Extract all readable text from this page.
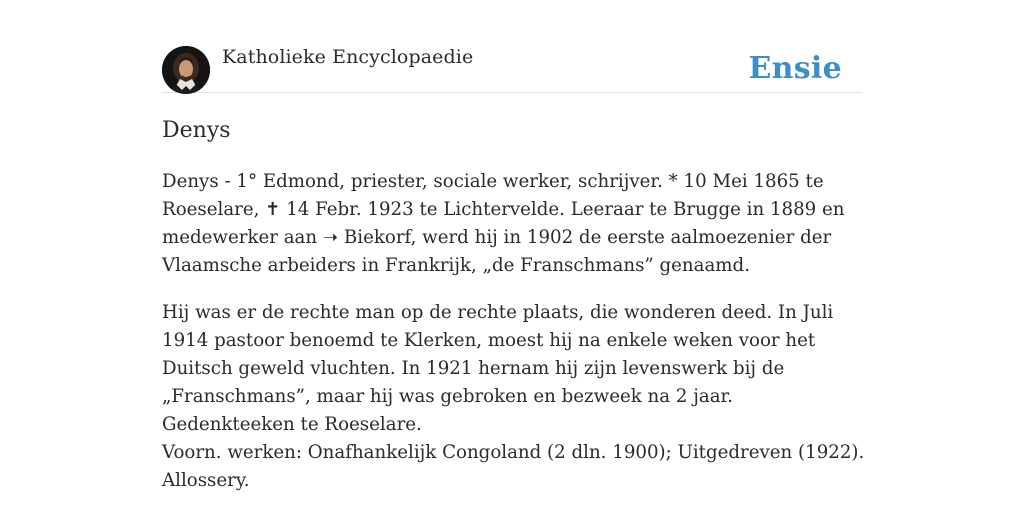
Katholieke Encyclopaedie	Ensie
Denys

Denys - 1° Edmond, priester, sociale werker, schrijver. * 10 Mei 1865 te Roeselare, ✝ 14 Febr. 1923 te Lichtervelde. Leeraar te Brugge in 1889 en medewerker aan ➝ Biekorf, werd hij in 1902 de eerste aalmoezenier der Vlaamsche arbeiders in Frankrijk, „de Franschmans” genaamd.

Hij was er de rechte man op de rechte plaats, die wonderen deed. In Juli 1914 pastoor benoemd te Klerken, moest hij na enkele weken voor het Duitsch geweld vluchten. In 1921 hernam hij zijn levenswerk bij de „Franschmans”, maar hij was gebroken en bezweek na 2 jaar. Gedenkteeken te Roeselare.

Voorn. werken: Onafhankelijk Congoland (2 dln. 1900); Uitgedreven (1922). Allossery.
